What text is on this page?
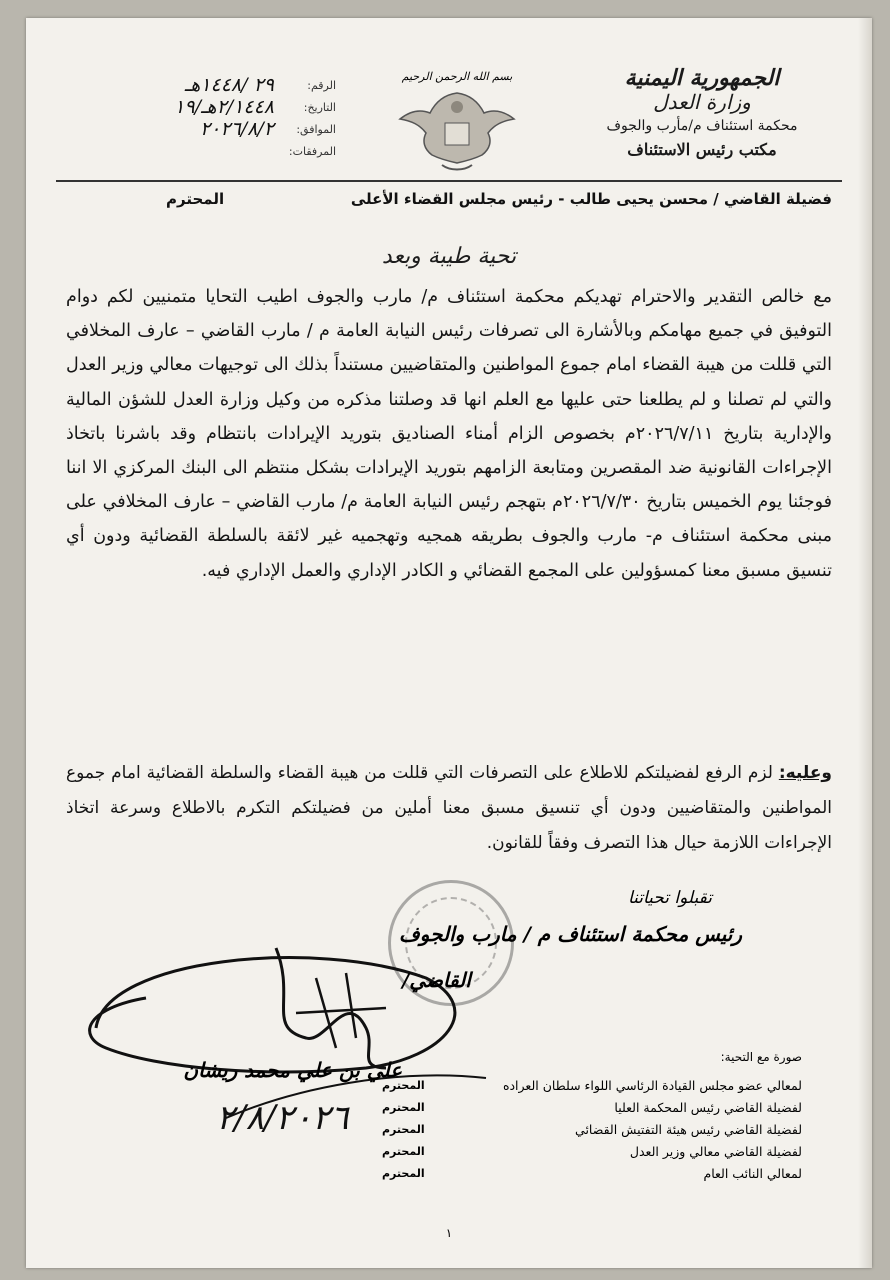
الجمهورية اليمنية
وزارة العدل
محكمة استئناف م/مأرب والجوف
مكتب رئيس الاستئناف
بسم الله الرحمن الرحيم
الرقم:
٢٩ /١٤٤٨هـ
التاريخ:
٢/١٤٤٨هـ/١٩
الموافق:
٢٠٢٦/٨/٢
المرفقات:
فضيلة القاضي / محسن يحيى طالب - رئيس مجلس القضاء الأعلى
المحترم
تحية طيبة وبعد

مع خالص التقدير والاحترام تهديكم محكمة استئناف م/ مارب والجوف اطيب التحايا متمنيين لكم دوام التوفيق في جميع مهامكم وبالأشارة الى تصرفات رئيس النيابة العامة م / مارب القاضي – عارف المخلافي التي قللت من هيبة القضاء امام جموع المواطنين والمتقاضيين مستنداً بذلك الى توجيهات معالي وزير العدل والتي لم تصلنا و لم يطلعنا حتى عليها مع العلم انها قد وصلتنا مذكره من وكيل وزارة العدل للشؤن المالية والإدارية بتاريخ ٢٠٢٦/٧/١١م بخصوص الزام أمناء الصناديق بتوريد الإيرادات بانتظام وقد باشرنا باتخاذ الإجراءات القانونية ضد المقصرين ومتابعة الزامهم بتوريد الإيرادات بشكل منتظم الى البنك المركزي الا اننا فوجئنا يوم الخميس بتاريخ ٢٠٢٦/٧/٣٠م بتهجم رئيس النيابة العامة م/ مارب القاضي – عارف المخلافي على مبنى محكمة استئناف م- مارب والجوف بطريقه همجيه وتهجميه غير لائقة بالسلطة القضائية ودون أي تنسيق مسبق معنا كمسؤولين على المجمع القضائي و الكادر الإداري والعمل الإداري فيه.

وعليه: لزم الرفع لفضيلتكم للاطلاع على التصرفات التي قللت من هيبة القضاء والسلطة القضائية امام جموع المواطنين والمتقاضيين ودون أي تنسيق مسبق معنا أملين من فضيلتكم التكرم بالاطلاع وسرعة اتخاذ الإجراءات اللازمة حيال هذا التصرف وفقاً للقانون.
تقبلوا تحياتنا
رئيس محكمة استئناف م / مارب والجوف
القاضي/
علي بن علي محمد ريشان
٢/٨/٢٠٢٦
صورة مع التحية:
لمعالي عضو مجلس القيادة الرئاسي اللواء سلطان العراده
المحترم
لفضيلة القاضي رئيس المحكمة العليا
المحترم
لفضيلة القاضي رئيس هيئة التفتيش القضائي
المحترم
لفضيلة القاضي معالي وزير العدل
المحترم
لمعالي النائب العام
المحترم
١
